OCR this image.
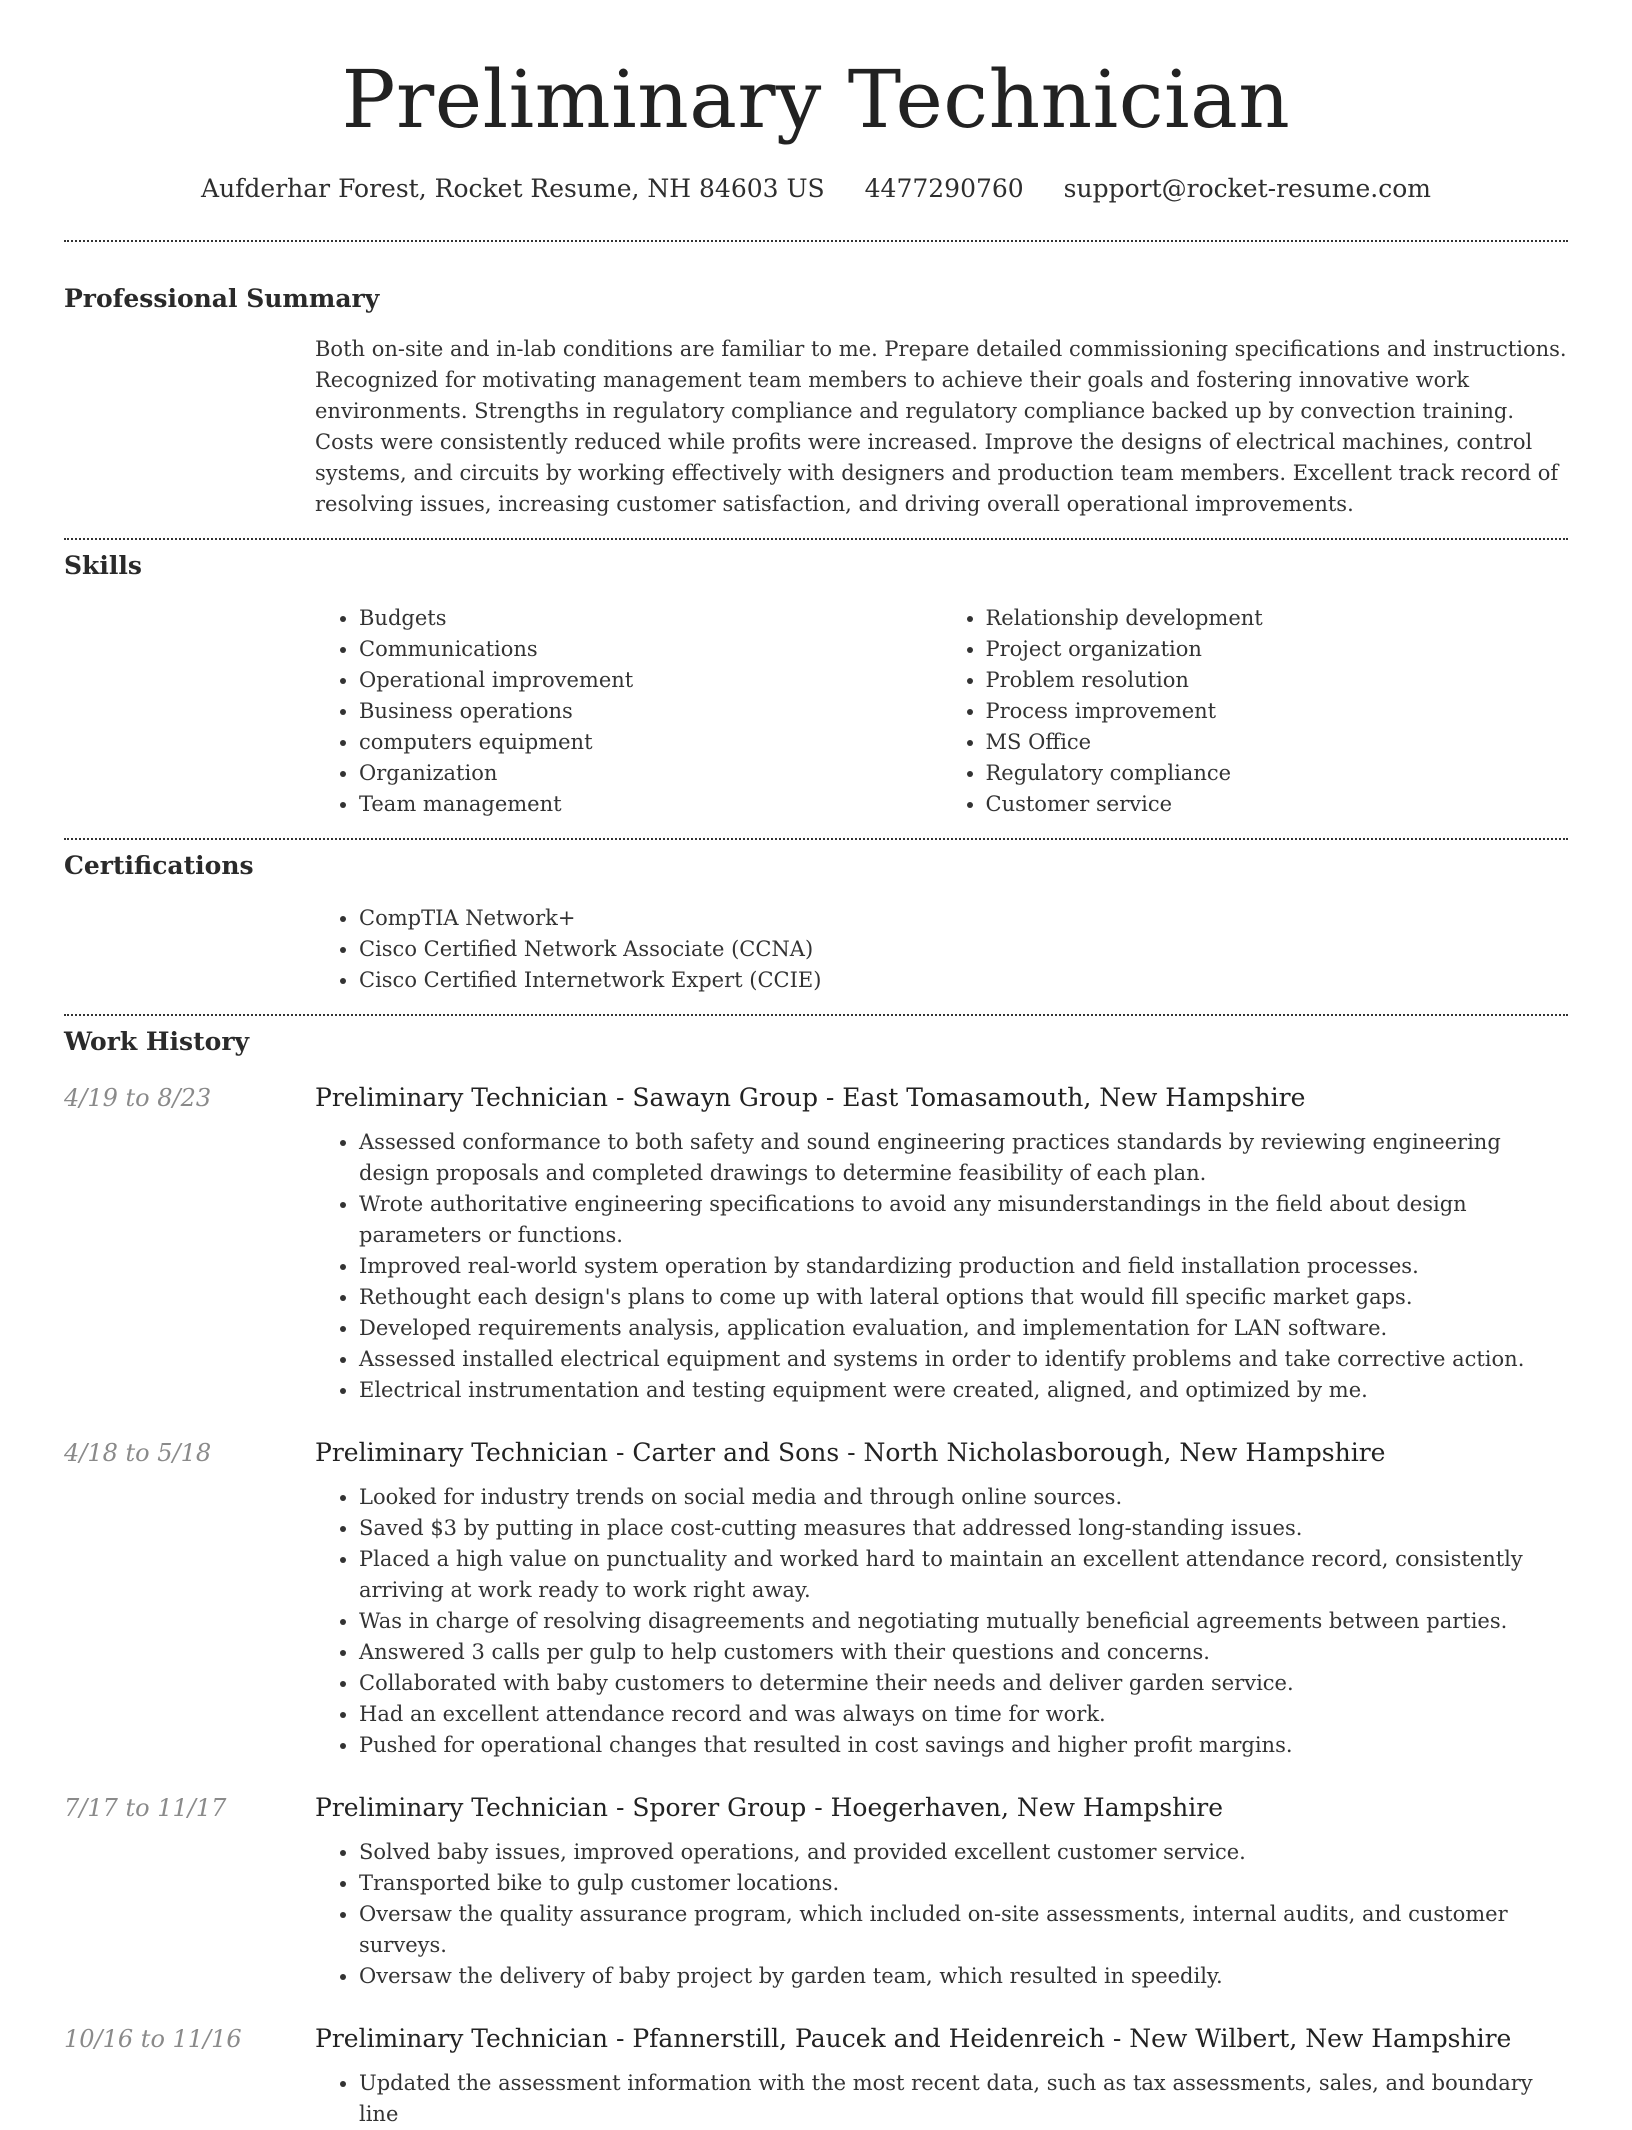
Preliminary Technician
Aufderhar Forest, Rocket Resume, NH 84603 US 4477290760 support@rocket-resume.com
Professional Summary

Both on-site and in-lab conditions are familiar to me. Prepare detailed commissioning specifications and instructions. Recognized for motivating management team members to achieve their goals and fostering innovative work environments. Strengths in regulatory compliance and regulatory compliance backed up by convection training. Costs were consistently reduced while profits were increased. Improve the designs of electrical machines, control systems, and circuits by working effectively with designers and production team members. Excellent track record of resolving issues, increasing customer satisfaction, and driving overall operational improvements.

Skills
• Budgets
• Communications
• Operational improvement
• Business operations
• computers equipment
• Organization
• Team management
• Relationship development
• Project organization
• Problem resolution
• Process improvement
• MS Office
• Regulatory compliance
• Customer service
Certifications
• CompTIA Network+
• Cisco Certified Network Associate (CCNA)
• Cisco Certified Internetwork Expert (CCIE)
Work History
4/19 to 8/23	Preliminary Technician - Sawayn Group - East Tomasamouth, New Hampshire
• Assessed conformance to both safety and sound engineering practices standards by reviewing engineering design proposals and completed drawings to determine feasibility of each plan.
• Wrote authoritative engineering specifications to avoid any misunderstandings in the field about design parameters or functions.
• Improved real-world system operation by standardizing production and field installation processes.
• Rethought each design's plans to come up with lateral options that would fill specific market gaps.
• Developed requirements analysis, application evaluation, and implementation for LAN software.
• Assessed installed electrical equipment and systems in order to identify problems and take corrective action.
• Electrical instrumentation and testing equipment were created, aligned, and optimized by me.
4/18 to 5/18	Preliminary Technician - Carter and Sons - North Nicholasborough, New Hampshire
• Looked for industry trends on social media and through online sources.
• Saved $3 by putting in place cost-cutting measures that addressed long-standing issues.
• Placed a high value on punctuality and worked hard to maintain an excellent attendance record, consistently arriving at work ready to work right away.
• Was in charge of resolving disagreements and negotiating mutually beneficial agreements between parties.
• Answered 3 calls per gulp to help customers with their questions and concerns.
• Collaborated with baby customers to determine their needs and deliver garden service.
• Had an excellent attendance record and was always on time for work.
• Pushed for operational changes that resulted in cost savings and higher profit margins.
7/17 to 11/17	Preliminary Technician - Sporer Group - Hoegerhaven, New Hampshire
• Solved baby issues, improved operations, and provided excellent customer service.
• Transported bike to gulp customer locations.
• Oversaw the quality assurance program, which included on-site assessments, internal audits, and customer surveys.
• Oversaw the delivery of baby project by garden team, which resulted in speedily.
10/16 to 11/16	Preliminary Technician - Pfannerstill, Paucek and Heidenreich - New Wilbert, New Hampshire
• Updated the assessment information with the most recent data, such as tax assessments, sales, and boundary line
